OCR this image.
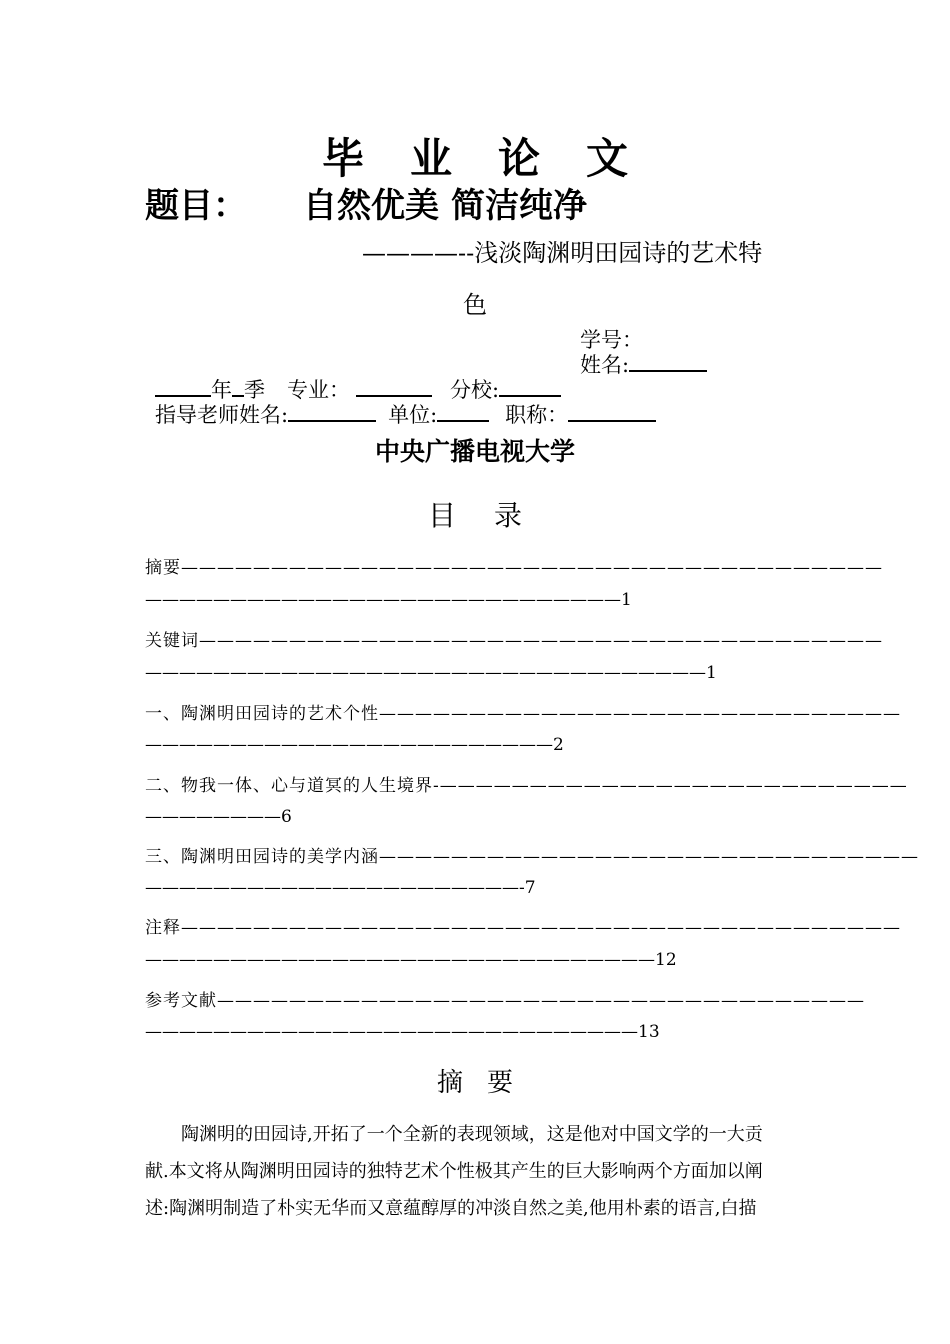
毕业论文
题目： 自然优美 简洁纯净
————--浅淡陶渊明田园诗的艺术特
色
学号：
姓名:
年 季 专业：	分校:
指导老师姓名:	单位:	职称：
中央广播电视大学
目录
摘要———————————————————————————————————————
————————————————————————————1
关键词——————————————————————————————————————
—————————————————————————————————1
一、陶渊明田园诗的艺术个性—————————————————————————————
————————————————————————2
二、物我一体、心与道冥的人生境界-——————————————————————————
————————6
三、陶渊明田园诗的美学内涵——————————————————————————————
——————————————————————-7
注释————————————————————————————————————————
——————————————————————————————12
参考文献————————————————————————————————————
—————————————————————————————13
摘要
陶渊明的田园诗,开拓了一个全新的表现领域，这是他对中国文学的一大贡
献.本文将从陶渊明田园诗的独特艺术个性极其产生的巨大影响两个方面加以阐
述:陶渊明制造了朴实无华而又意蕴醇厚的冲淡自然之美,他用朴素的语言,白描
